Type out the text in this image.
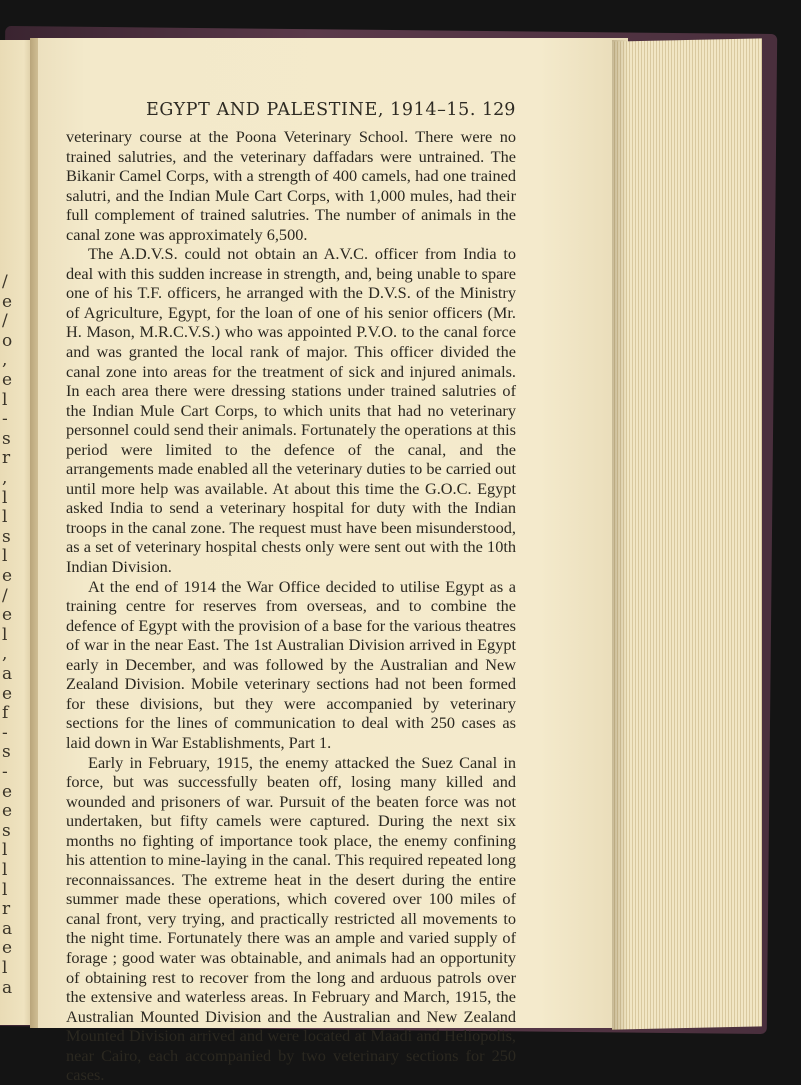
/
e
/
o
,
e
l
-
s
r
,
l
l
s
l
e
/
e
l
,
a
e
f
-
s
-
e
e
s
l
l
l
r
a
e
l
a
EGYPT AND PALESTINE, 1914–15. 129

veterinary course at the Poona Veterinary School. There were no trained salutries, and the veterinary daffadars were untrained. The Bikanir Camel Corps, with a strength of 400 camels, had one trained salutri, and the Indian Mule Cart Corps, with 1,000 mules, had their full complement of trained salutries. The number of animals in the canal zone was approximately 6,500.

The A.D.V.S. could not obtain an A.V.C. officer from India to deal with this sudden increase in strength, and, being unable to spare one of his T.F. officers, he arranged with the D.V.S. of the Ministry of Agriculture, Egypt, for the loan of one of his senior officers (Mr. H. Mason, M.R.C.V.S.) who was appointed P.V.O. to the canal force and was granted the local rank of major. This officer divided the canal zone into areas for the treatment of sick and injured animals. In each area there were dressing stations under trained salutries of the Indian Mule Cart Corps, to which units that had no veterinary personnel could send their animals. Fortunately the operations at this period were limited to the defence of the canal, and the arrangements made enabled all the veterinary duties to be carried out until more help was available. At about this time the G.O.C. Egypt asked India to send a veterinary hospital for duty with the Indian troops in the canal zone. The request must have been misunderstood, as a set of veterinary hospital chests only were sent out with the 10th Indian Division.

At the end of 1914 the War Office decided to utilise Egypt as a training centre for reserves from overseas, and to combine the defence of Egypt with the provision of a base for the various theatres of war in the near East. The 1st Australian Division arrived in Egypt early in December, and was followed by the Australian and New Zealand Division. Mobile veterinary sections had not been formed for these divisions, but they were accompanied by veterinary sections for the lines of communication to deal with 250 cases as laid down in War Establishments, Part 1.

Early in February, 1915, the enemy attacked the Suez Canal in force, but was successfully beaten off, losing many killed and wounded and prisoners of war. Pursuit of the beaten force was not undertaken, but fifty camels were captured. During the next six months no fighting of importance took place, the enemy confining his attention to mine-laying in the canal. This required repeated long reconnaissances. The extreme heat in the desert during the entire summer made these operations, which covered over 100 miles of canal front, very trying, and practically restricted all movements to the night time. Fortunately there was an ample and varied supply of forage ; good water was obtainable, and animals had an opportunity of obtaining rest to recover from the long and arduous patrols over the extensive and waterless areas. In February and March, 1915, the Australian Mounted Division and the Australian and New Zealand Mounted Division arrived and were located at Maadi and Heliopolis, near Cairo, each accompanied by two veterinary sections for 250 cases.
